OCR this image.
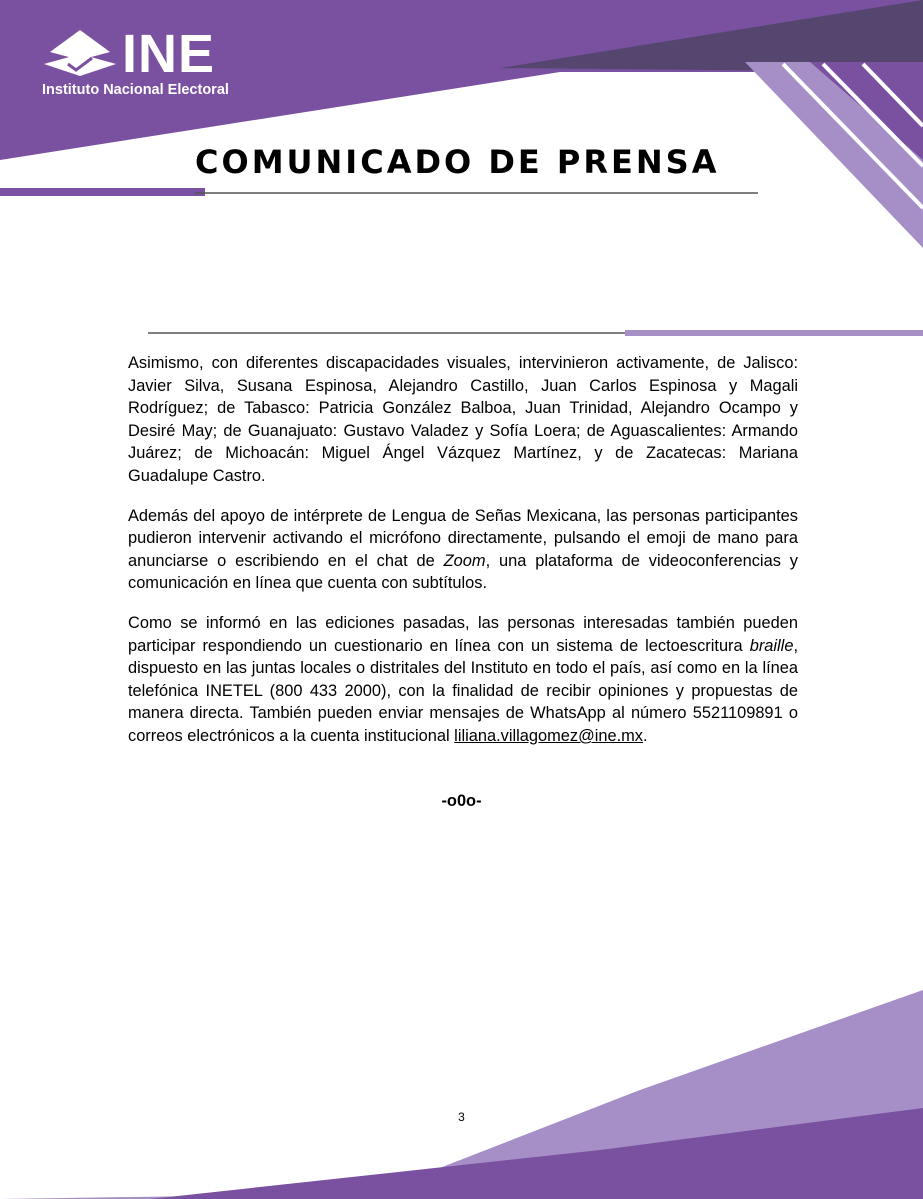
INE
Instituto Nacional Electoral
COMUNICADO DE PRENSA

Asimismo, con diferentes discapacidades visuales, intervinieron activamente, de Jalisco: Javier Silva, Susana Espinosa, Alejandro Castillo, Juan Carlos Espinosa y Magali Rodríguez; de Tabasco: Patricia González Balboa, Juan Trinidad, Alejandro Ocampo y Desiré May; de Guanajuato: Gustavo Valadez y Sofía Loera; de Aguascalientes: Armando Juárez; de Michoacán: Miguel Ángel Vázquez Martínez, y de Zacatecas: Mariana Guadalupe Castro.

Además del apoyo de intérprete de Lengua de Señas Mexicana, las personas participantes pudieron intervenir activando el micrófono directamente, pulsando el emoji de mano para anunciarse o escribiendo en el chat de Zoom, una plataforma de videoconferencias y comunicación en línea que cuenta con subtítulos.

Como se informó en las ediciones pasadas, las personas interesadas también pueden participar respondiendo un cuestionario en línea con un sistema de lectoescritura braille, dispuesto en las juntas locales o distritales del Instituto en todo el país, así como en la línea telefónica INETEL (800 433 2000), con la finalidad de recibir opiniones y propuestas de manera directa. También pueden enviar mensajes de WhatsApp al número 5521109891 o correos electrónicos a la cuenta institucional liliana.villagomez@ine.mx.

-o0o-
3
